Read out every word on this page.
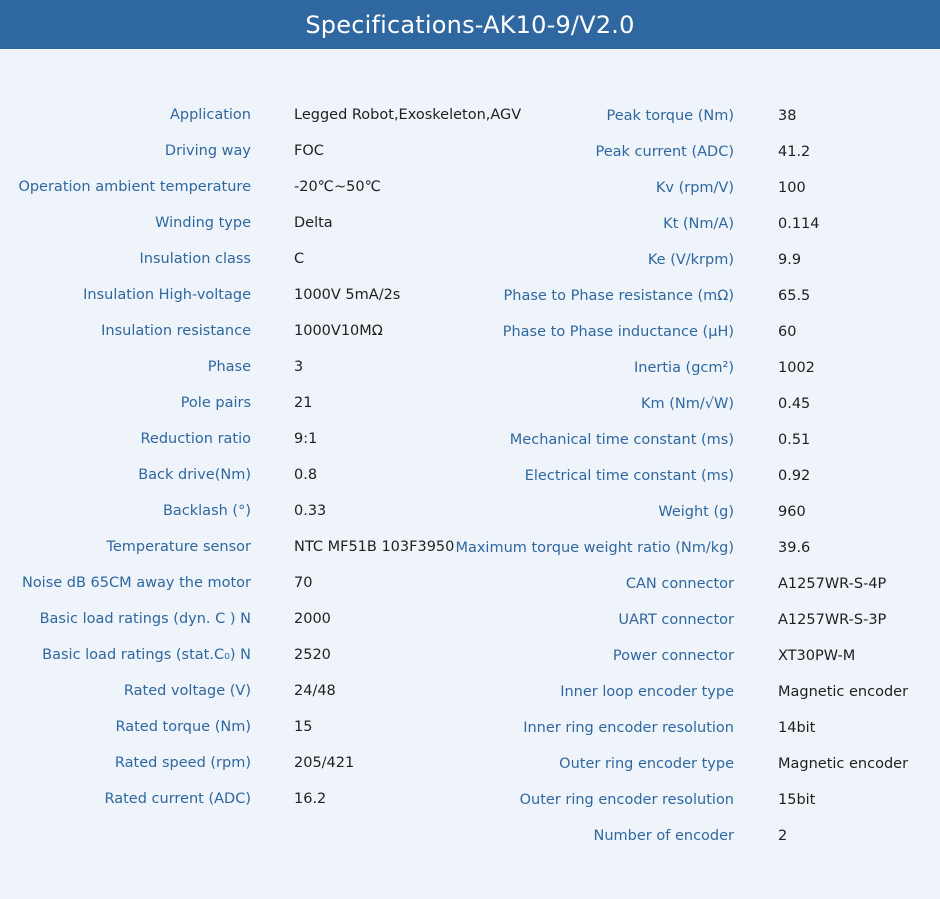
Specifications-AK10-9/V2.0
Application	Legged Robot,Exoskeleton,AGV
Driving way	FOC
Operation ambient temperature	-20℃~50℃
Winding type	Delta
Insulation class	C
Insulation High-voltage	1000V 5mA/2s
Insulation resistance	1000V10MΩ
Phase	3
Pole pairs	21
Reduction ratio	9:1
Back drive(Nm)	0.8
Backlash (°)	0.33
Temperature sensor	NTC MF51B 103F3950
Noise dB 65CM away the motor	70
Basic load ratings (dyn. C ) N	2000
Basic load ratings (stat.C₀) N	2520
Rated voltage (V)	24/48
Rated torque (Nm)	15
Rated speed (rpm)	205/421
Rated current (ADC)	16.2
Peak torque (Nm)	38
Peak current (ADC)	41.2
Kv (rpm/V)	100
Kt (Nm/A)	0.114
Ke (V/krpm)	9.9
Phase to Phase resistance (mΩ)	65.5
Phase to Phase inductance (μH)	60
Inertia (gcm²)	1002
Km (Nm/√W)	0.45
Mechanical time constant (ms)	0.51
Electrical time constant (ms)	0.92
Weight (g)	960
Maximum torque weight ratio (Nm/kg)	39.6
CAN connector	A1257WR-S-4P
UART connector	A1257WR-S-3P
Power connector	XT30PW-M
Inner loop encoder type	Magnetic encoder
Inner ring encoder resolution	14bit
Outer ring encoder type	Magnetic encoder
Outer ring encoder resolution	15bit
Number of encoder	2
